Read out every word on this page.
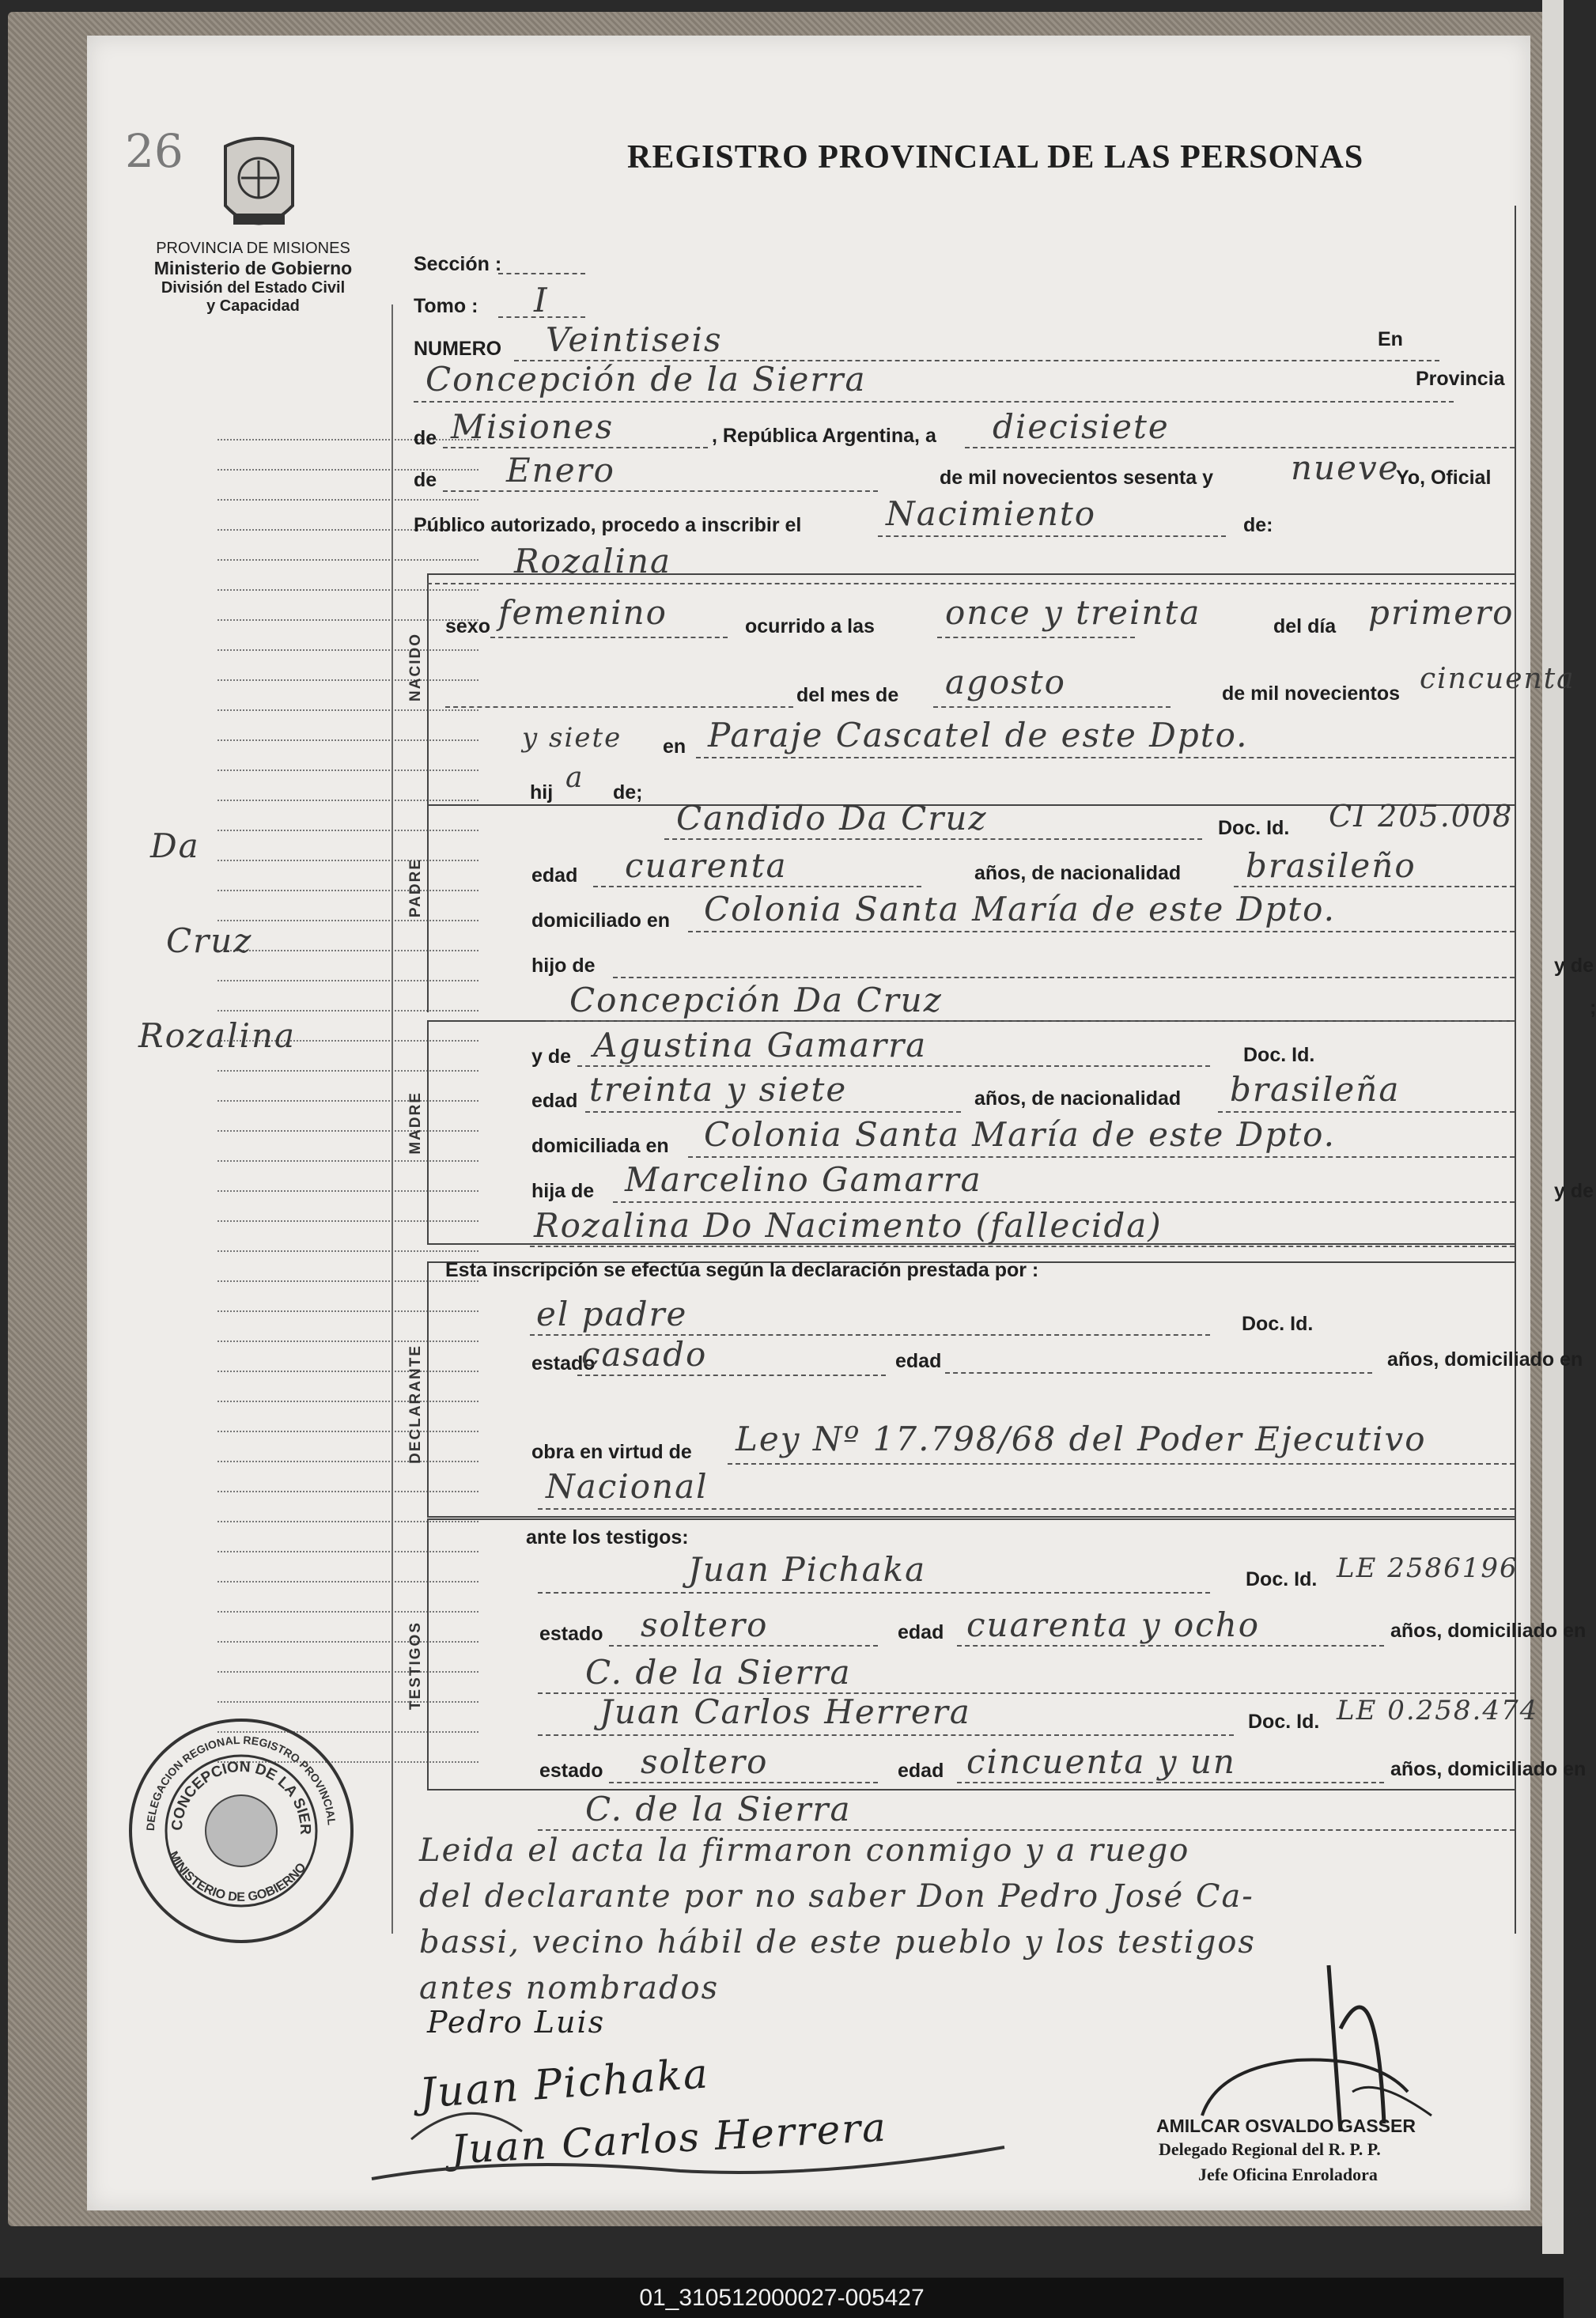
26	REGISTRO PROVINCIAL DE LAS PERSONAS
PROVINCIA DE MISIONES
Ministerio de Gobierno
División del Estado Civil
y Capacidad
Da
Cruz
Rozalina
NACIDO
PADRE
MADRE
DECLARANTE
TESTIGOS
Sección :
Tomo : I
NUMERO Veintiseis	En
Concepción de la Sierra	Provincia
de Misiones	, República Argentina, a diecisiete
de Enero	de mil novecientos sesenta y nueve
Yo, Oficial
Público autorizado, procedo a inscribir el	Nacimiento	de:
Rozalina
sexo femenino	ocurrido a las once y treinta	del día primero
del mes de agosto	de mil novecientos cincuenta
y siete en Paraje Cascatel de este Dpto.
hij a de;
Candido Da Cruz	Doc. Id. CI 205.008
edad cuarenta	años, de nacionalidad brasileño
domiciliado en Colonia Santa María de este Dpto.
hijo de	y de
Concepción Da Cruz	;
y de Agustina Gamarra	Doc. Id.
edad treinta y siete	años, de nacionalidad brasileña
domiciliada en Colonia Santa María de este Dpto.
hija de Marcelino Gamarra	y de
Rozalina Do Nacimento (fallecida)
Esta inscripción se efectúa según la declaración prestada por :
el padre	Doc. Id.
estado
casado	edad	años, domiciliado en
obra en virtud de Ley Nº 17.798/68 del Poder Ejecutivo
Nacional
ante los testigos:
Juan Pichaka	Doc. Id. LE 2586196
estado soltero	edad cuarenta y ocho	años, domiciliado en
C. de la Sierra
Juan Carlos Herrera	Doc. Id. LE 0.258.474
estado soltero	edad cincuenta y un	años, domiciliado en
C. de la Sierra
Leida el acta la firmaron conmigo y a ruego
del declarante por no saber Don Pedro José Ca-
bassi, vecino hábil de este pueblo y los testigos
antes nombrados
DELEGACION REGIONAL REGISTRO PROVINCIAL
CONCEPCION DE LA SIER
MINISTERIO DE GOBIERNO
Pedro Luis
Juan Pichaka
Juan Carlos Herrera	AMILCAR OSVALDO GASSER
Delegado Regional del R. P. P.
Jefe Oficina Enroladora
01_310512000027-005427
